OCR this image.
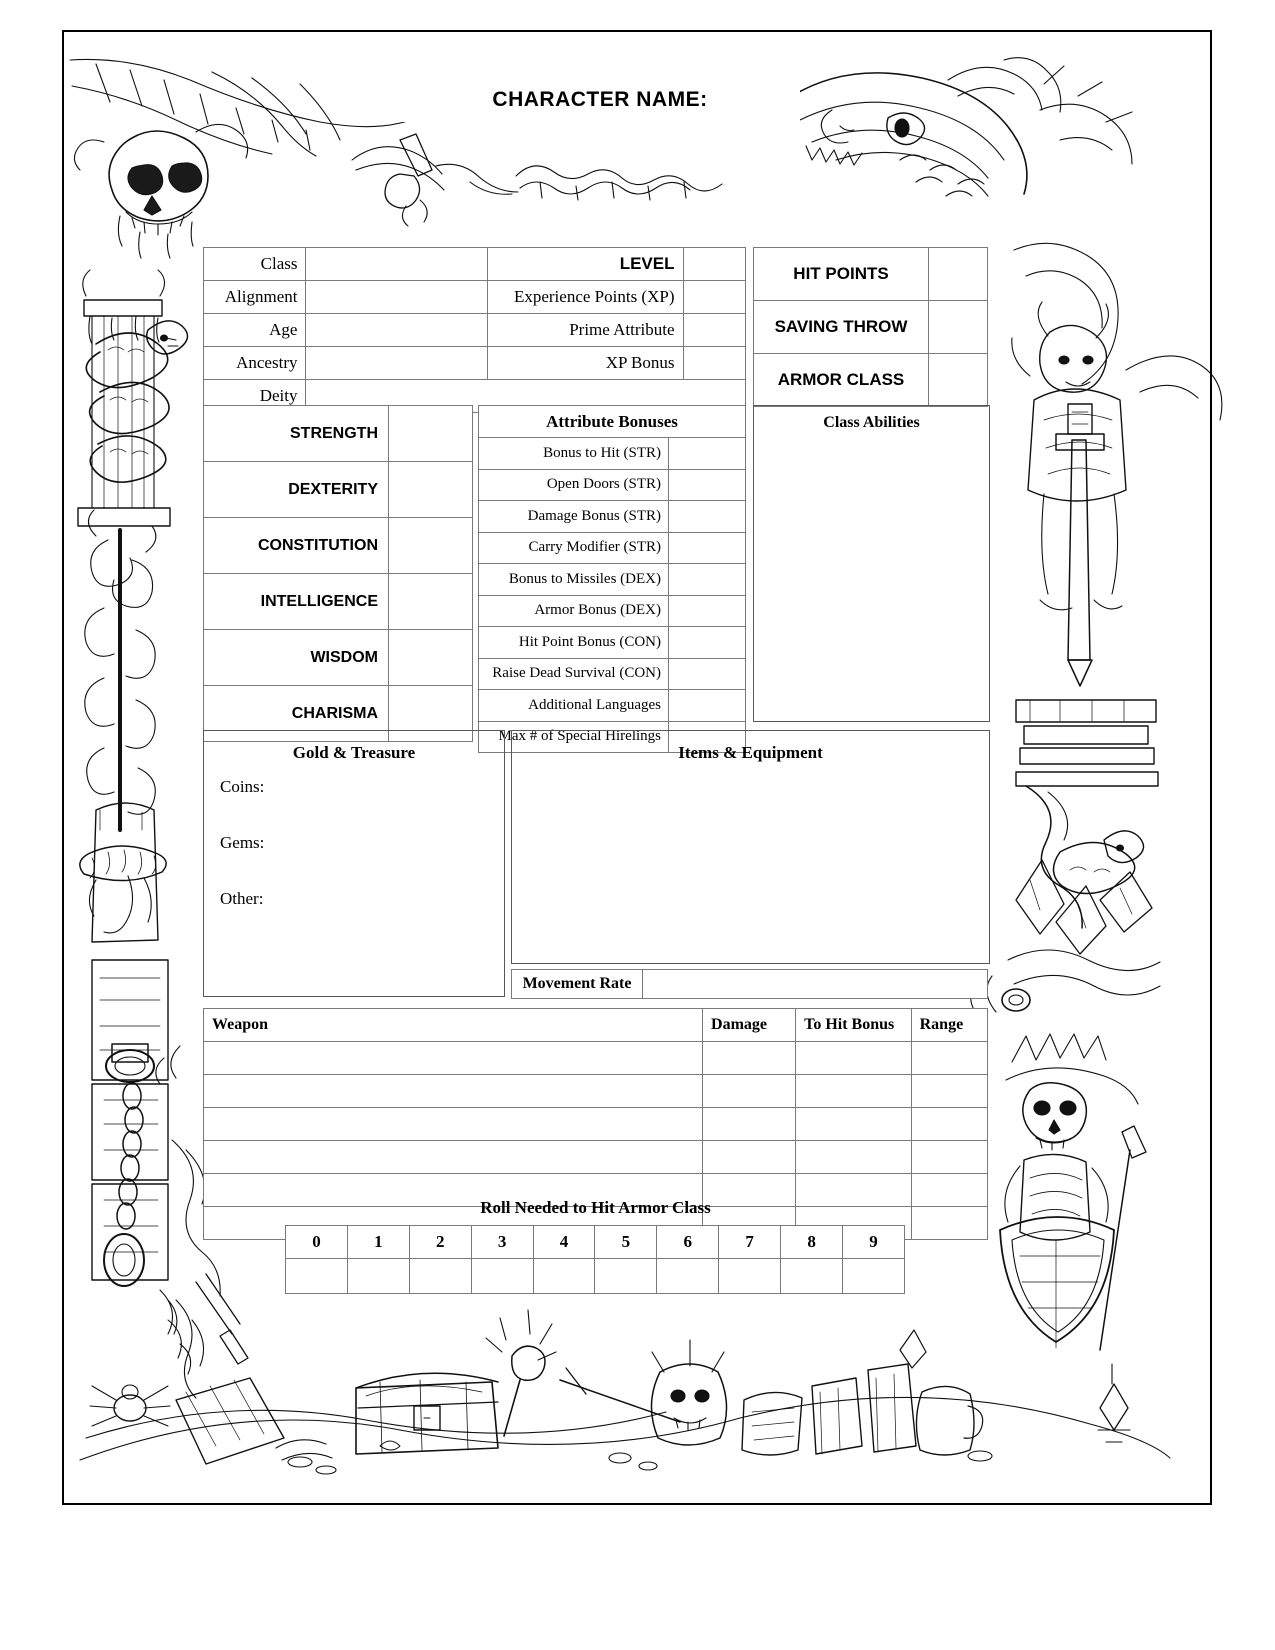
CHARACTER NAME:
Class		LEVEL	
Alignment		Experience Points (XP)	
Age		Prime Attribute	
Ancestry		XP Bonus	
Deity			
HIT POINTS	
SAVING THROW	
ARMOR CLASS	
STRENGTH	
DEXTERITY	
CONSTITUTION	
INTELLIGENCE	
WISDOM	
CHARISMA	
Attribute Bonuses	
Bonus to Hit (STR)	
Open Doors (STR)	
Damage Bonus (STR)	
Carry Modifier (STR)	
Bonus to Missiles (DEX)	
Armor Bonus (DEX)	
Hit Point Bonus (CON)	
Raise Dead Survival (CON)	
Additional Languages	
Max # of Special Hirelings	
Class Abilities
Gold & Treasure
Coins:
Gems:
Other:
Items & Equipment
Movement Rate	
Weapon	Damage	To Hit Bonus	Range

Roll Needed to Hit Armor Class
0	1	2	3	4	5	6	7	8	9
